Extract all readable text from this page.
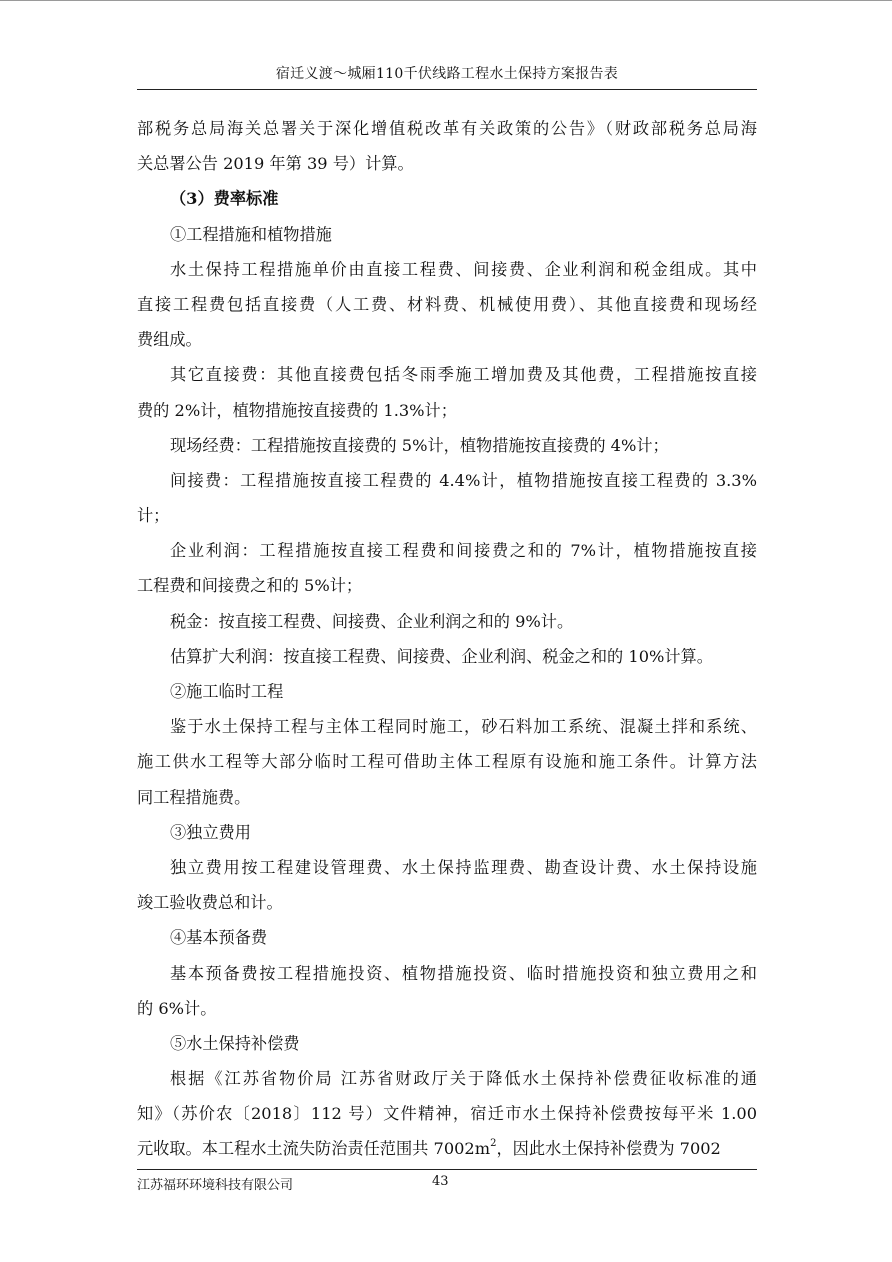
宿迁义渡～城厢110千伏线路工程水土保持方案报告表
部税务总局海关总署关于深化增值税改革有关政策的公告》（财政部税务总局海
关总署公告 2019 年第 39 号）计算。
（3）费率标准
①工程措施和植物措施
水土保持工程措施单价由直接工程费、间接费、企业利润和税金组成。其中
直接工程费包括直接费（人工费、材料费、机械使用费）、其他直接费和现场经
费组成。
其它直接费：其他直接费包括冬雨季施工增加费及其他费，工程措施按直接
费的 2%计，植物措施按直接费的 1.3%计；
现场经费：工程措施按直接费的 5%计，植物措施按直接费的 4%计；
间接费：工程措施按直接工程费的 4.4%计，植物措施按直接工程费的 3.3%
计；
企业利润：工程措施按直接工程费和间接费之和的 7%计，植物措施按直接
工程费和间接费之和的 5%计；
税金：按直接工程费、间接费、企业利润之和的 9%计。
估算扩大利润：按直接工程费、间接费、企业利润、税金之和的 10%计算。
②施工临时工程
鉴于水土保持工程与主体工程同时施工，砂石料加工系统、混凝土拌和系统、
施工供水工程等大部分临时工程可借助主体工程原有设施和施工条件。计算方法
同工程措施费。
③独立费用
独立费用按工程建设管理费、水土保持监理费、勘查设计费、水土保持设施
竣工验收费总和计。
④基本预备费
基本预备费按工程措施投资、植物措施投资、临时措施投资和独立费用之和
的 6%计。
⑤水土保持补偿费
根据《江苏省物价局 江苏省财政厅关于降低水土保持补偿费征收标准的通
知》（苏价农〔2018〕112 号）文件精神，宿迁市水土保持补偿费按每平米 1.00
元收取。本工程水土流失防治责任范围共 $7002m^2$，因此水土保持补偿费为 7002
江苏福环环境科技有限公司	43
